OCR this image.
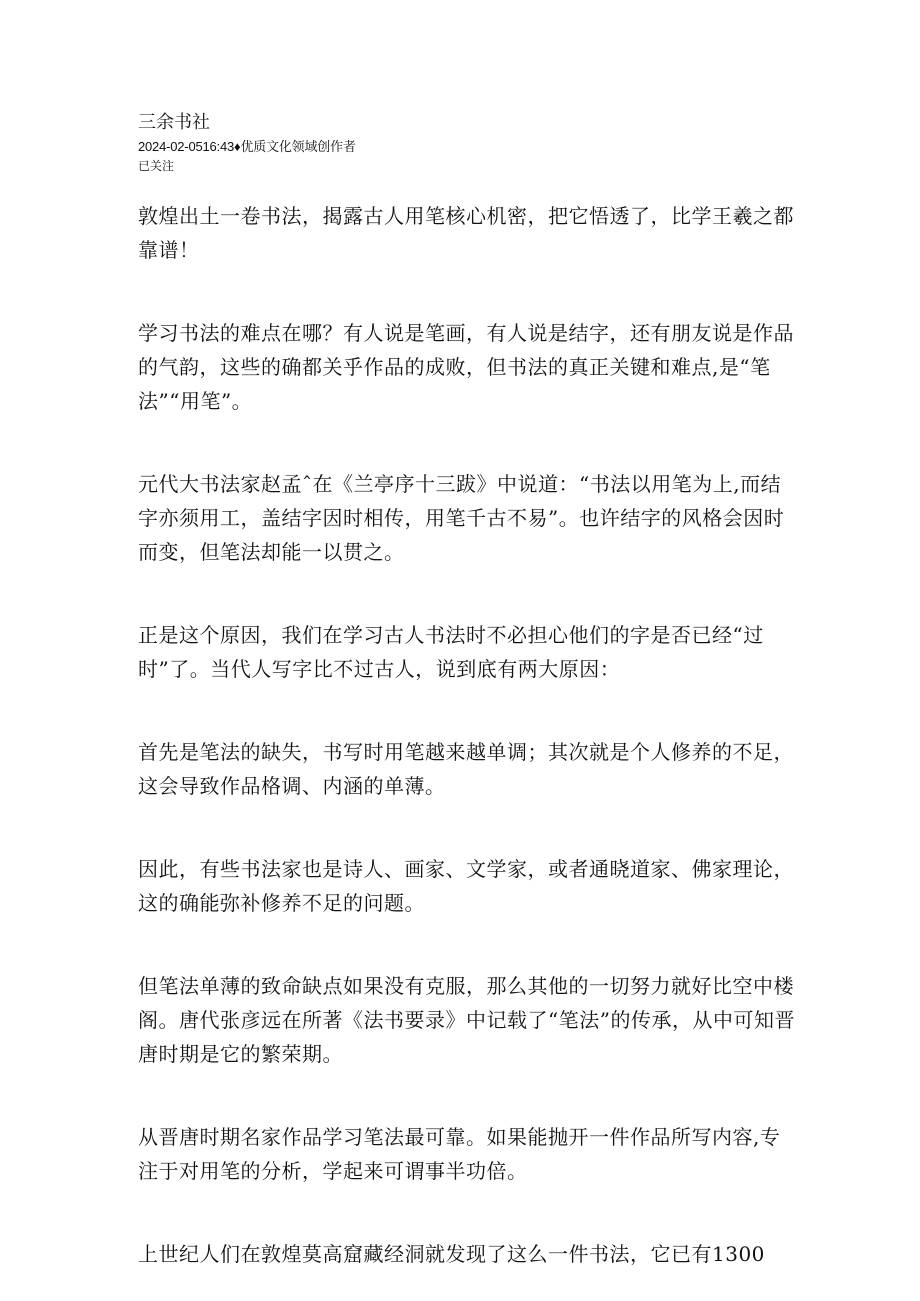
三余书社
2024-02-0516:43♦优质文化领域创作者
已关注
敦煌出土一卷书法，揭露古人用笔核心机密，把它悟透了，比学王羲之都靠谱！

学习书法的难点在哪？有人说是笔画，有人说是结字，还有朋友说是作品的气韵，这些的确都关乎作品的成败，但书法的真正关键和难点,是“笔法”“用笔”。

元代大书法家赵孟ˆ在《兰亭序十三跋》中说道：“书法以用笔为上,而结字亦须用工，盖结字因时相传，用笔千古不易”。也许结字的风格会因时而变，但笔法却能一以贯之。

正是这个原因，我们在学习古人书法时不必担心他们的字是否已经“过时”了。当代人写字比不过古人，说到底有两大原因：

首先是笔法的缺失，书写时用笔越来越单调；其次就是个人修养的不足，这会导致作品格调、内涵的单薄。

因此，有些书法家也是诗人、画家、文学家，或者通晓道家、佛家理论，这的确能弥补修养不足的问题。

但笔法单薄的致命缺点如果没有克服，那么其他的一切努力就好比空中楼阁。唐代张彦远在所著《法书要录》中记载了“笔法”的传承，从中可知晋唐时期是它的繁荣期。

从晋唐时期名家作品学习笔法最可靠。如果能抛开一件作品所写内容,专注于对用笔的分析，学起来可谓事半功倍。

上世纪人们在敦煌莫高窟藏经洞就发现了这么一件书法，它已有1300
